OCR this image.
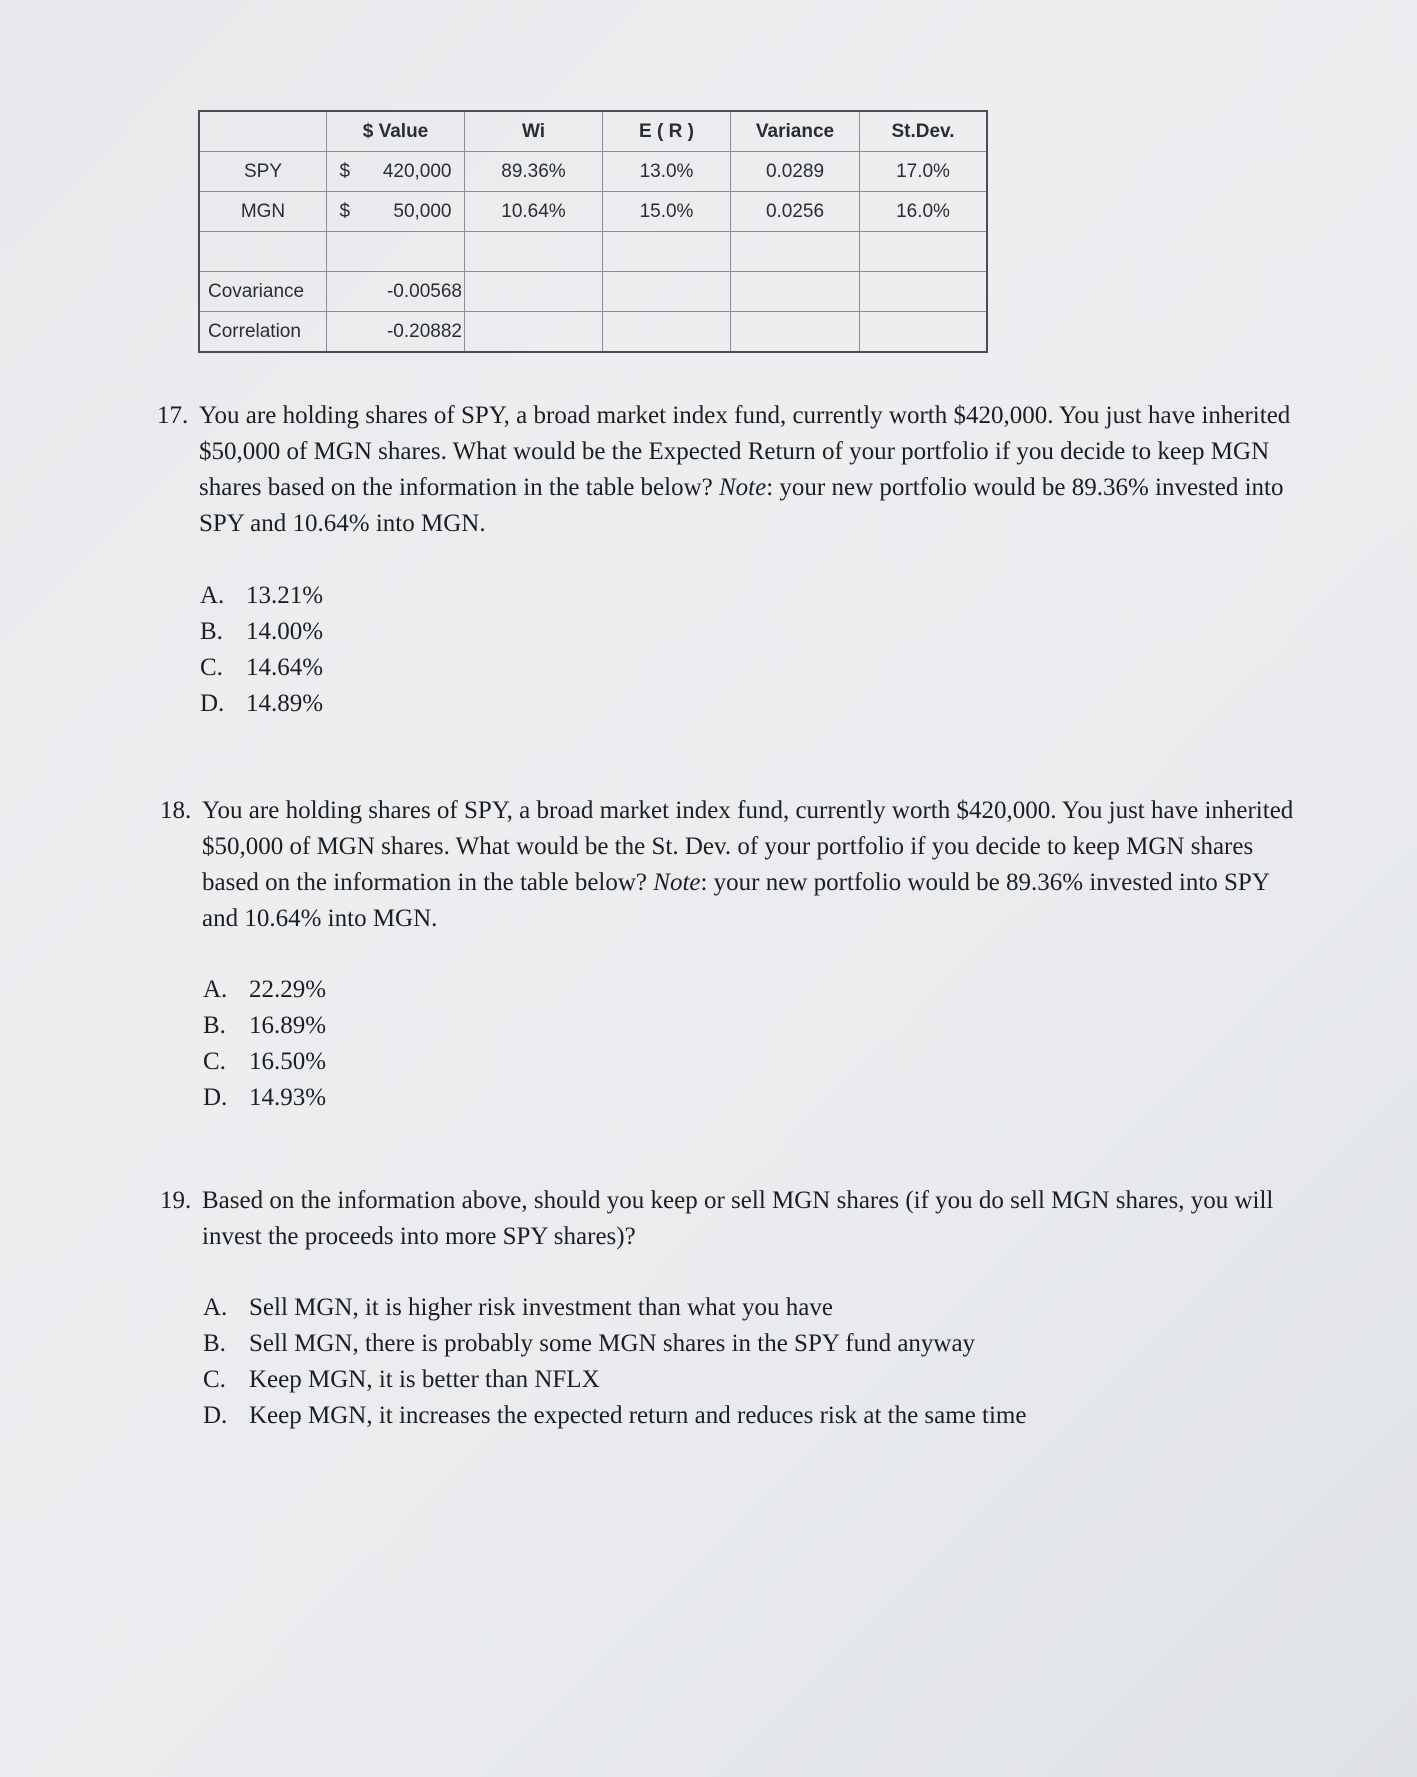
	$ Value	Wi	E ( R )	Variance	St.Dev.
SPY	$ 420,000	89.36%	13.0%	0.0289	17.0%
MGN	$ 50,000	10.64%	15.0%	0.0256	16.0%

Covariance	-0.00568				
Correlation	-0.20882				
17. You are holding shares of SPY, a broad market index fund, currently worth $420,000. You just have inherited $50,000 of MGN shares. What would be the Expected Return of your portfolio if you decide to keep MGN shares based on the information in the table below? Note: your new portfolio would be 89.36% invested into SPY and 10.64% into MGN.
A. 13.21%
B. 14.00%
C. 14.64%
D. 14.89%
18. You are holding shares of SPY, a broad market index fund, currently worth $420,000. You just have inherited $50,000 of MGN shares. What would be the St. Dev. of your portfolio if you decide to keep MGN shares based on the information in the table below? Note: your new portfolio would be 89.36% invested into SPY and 10.64% into MGN.
A. 22.29%
B. 16.89%
C. 16.50%
D. 14.93%
19. Based on the information above, should you keep or sell MGN shares (if you do sell MGN shares, you will invest the proceeds into more SPY shares)?
A. Sell MGN, it is higher risk investment than what you have
B. Sell MGN, there is probably some MGN shares in the SPY fund anyway
C. Keep MGN, it is better than NFLX
D. Keep MGN, it increases the expected return and reduces risk at the same time
